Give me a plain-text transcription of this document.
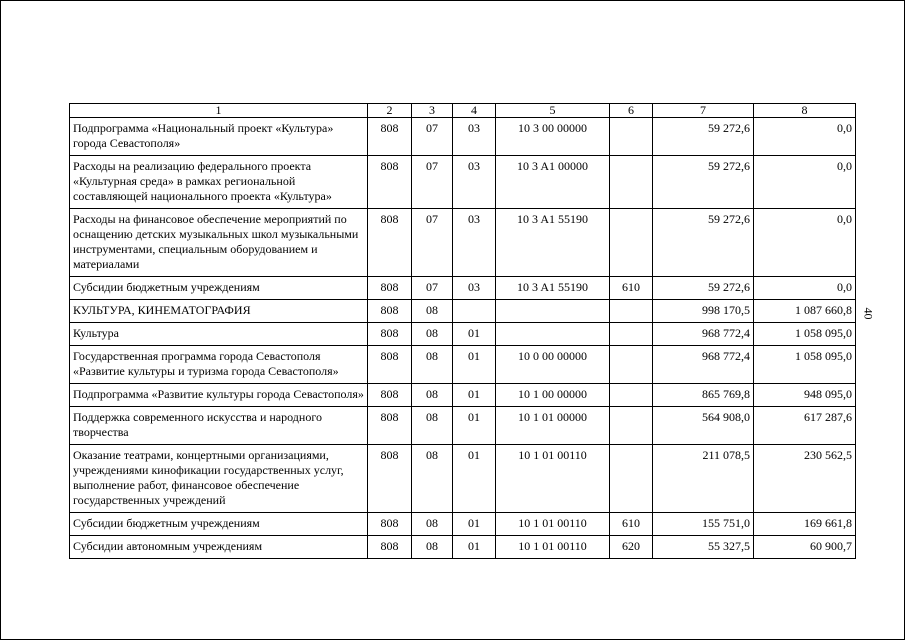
40
1	2	3	4	5	6	7	8
Подпрограмма «Национальный проект «Культура» города Севастополя»	808	07	03	10 3 00 00000		59 272,6	0,0
Расходы на реализацию федерального проекта «Культурная среда» в рамках региональной составляющей национального проекта «Культура»	808	07	03	10 3 A1 00000		59 272,6	0,0
Расходы на финансовое обеспечение мероприятий по оснащению детских музыкальных школ музыкальными инструментами, специальным оборудованием и материалами	808	07	03	10 3 A1 55190		59 272,6	0,0
Субсидии бюджетным учреждениям	808	07	03	10 3 A1 55190	610	59 272,6	0,0
КУЛЬТУРА, КИНЕМАТОГРАФИЯ	808	08				998 170,5	1 087 660,8
Культура	808	08	01			968 772,4	1 058 095,0
Государственная программа города Севастополя «Развитие культуры и туризма города Севастополя»	808	08	01	10 0 00 00000		968 772,4	1 058 095,0
Подпрограмма «Развитие культуры города Севастополя»	808	08	01	10 1 00 00000		865 769,8	948 095,0
Поддержка современного искусства и народного творчества	808	08	01	10 1 01 00000		564 908,0	617 287,6
Оказание театрами, концертными организациями, учреждениями кинофикации государственных услуг, выполнение работ, финансовое обеспечение государственных учреждений	808	08	01	10 1 01 00110		211 078,5	230 562,5
Субсидии бюджетным учреждениям	808	08	01	10 1 01 00110	610	155 751,0	169 661,8
Субсидии автономным учреждениям	808	08	01	10 1 01 00110	620	55 327,5	60 900,7
